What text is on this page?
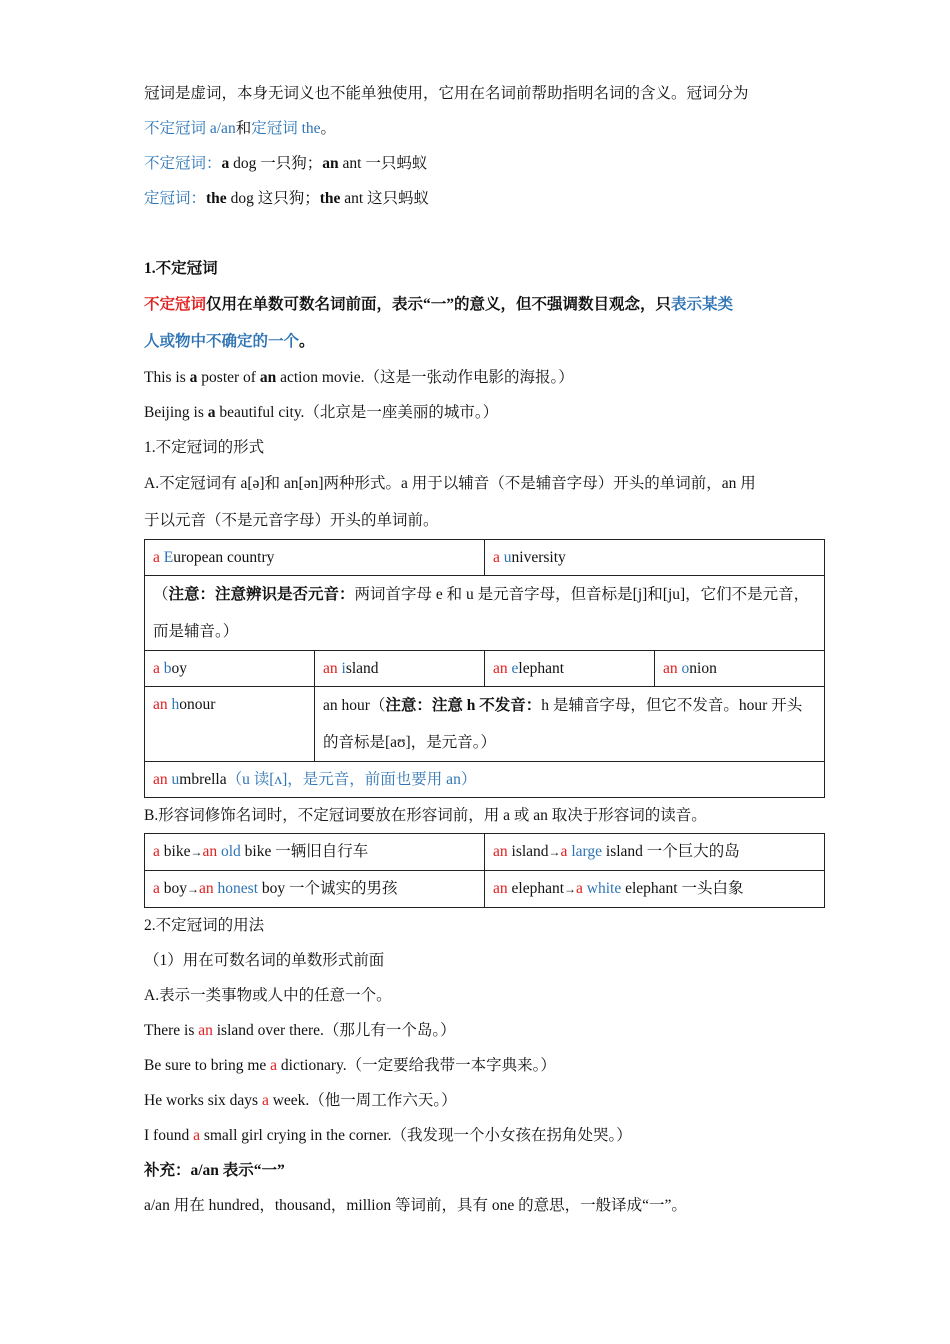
冠词是虚词，本身无词义也不能单独使用，它用在名词前帮助指明名词的含义。冠词分为
不定冠词 a/an和定冠词 the。
不定冠词：a dog 一只狗；an ant 一只蚂蚁
定冠词：the dog 这只狗；the ant 这只蚂蚁
1.不定冠词
不定冠词仅用在单数可数名词前面，表示“一”的意义，但不强调数目观念，只表示某类
人或物中不确定的一个。
This is a poster of an action movie.（这是一张动作电影的海报。）
Beijing is a beautiful city.（北京是一座美丽的城市。）
1.不定冠词的形式
A.不定冠词有 a[ə]和 an[ən]两种形式。a 用于以辅音（不是辅音字母）开头的单词前，an 用
于以元音（不是元音字母）开头的单词前。
a European country		a university	
（注意：注意辨识是否元音：两词首字母 e 和 u 是元音字母，但音标是[j]和[ju]，它们不是元音，而是辅音。）			
a boy	an island	an elephant	an onion
an honour	an hour（注意：注意 h 不发音：h 是辅音字母，但它不发音。hour 开头的音标是[aʊ]，是元音。）		
an umbrella（u 读[ʌ]，是元音，前面也要用 an）			
B.形容词修饰名词时，不定冠词要放在形容词前，用 a 或 an 取决于形容词的读音。
a bike→an old bike 一辆旧自行车	an island→a large island 一个巨大的岛
a boy→an honest boy 一个诚实的男孩	an elephant→a white elephant 一头白象
2.不定冠词的用法
（1）用在可数名词的单数形式前面
A.表示一类事物或人中的任意一个。
There is an island over there.（那儿有一个岛。）
Be sure to bring me a dictionary.（一定要给我带一本字典来。）
He works six days a week.（他一周工作六天。）
I found a small girl crying in the corner.（我发现一个小女孩在拐角处哭。）
补充：a/an 表示“一”
a/an 用在 hundred，thousand，million 等词前，具有 one 的意思，一般译成“一”。
